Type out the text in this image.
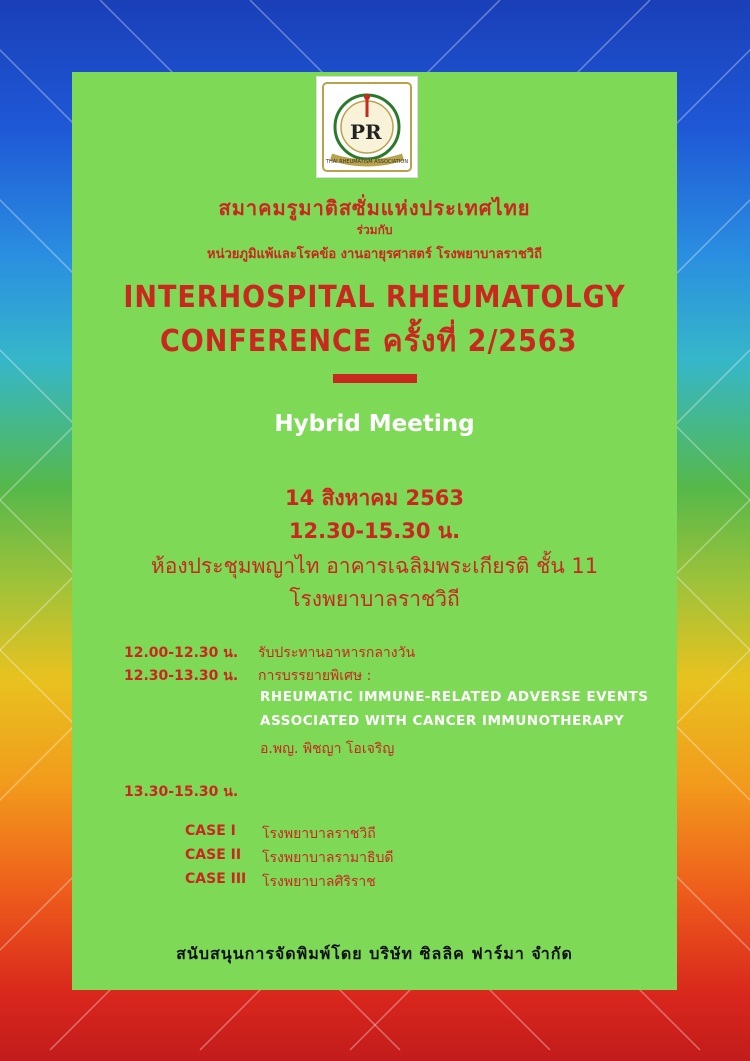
PR
THAI RHEUMATISM ASSOCIATION
สมาคมรูมาติสซั่มแห่งประเทศไทย
ร่วมกับ
หน่วยภูมิแพ้และโรคข้อ งานอายุรศาสตร์ โรงพยาบาลราชวิถี
INTERHOSPITAL RHEUMATOLGY
CONFERENCE ครั้งที่ 2/2563
Hybrid Meeting
14 สิงหาคม 2563
12.30-15.30 น.
ห้องประชุมพญาไท อาคารเฉลิมพระเกียรติ ชั้น 11
โรงพยาบาลราชวิถี
12.00-12.30 น. รับประทานอาหารกลางวัน
12.30-13.30 น. การบรรยายพิเศษ :
RHEUMATIC IMMUNE-RELATED ADVERSE EVENTS
ASSOCIATED WITH CANCER IMMUNOTHERAPY
อ.พญ. พิชญา โอเจริญ
13.30-15.30 น.
CASE I โรงพยาบาลราชวิถี
CASE II โรงพยาบาลรามาธิบดี
CASE III โรงพยาบาลศิริราช
สนับสนุนการจัดพิมพ์โดย บริษัท ซิลลิค ฟาร์มา จำกัด
